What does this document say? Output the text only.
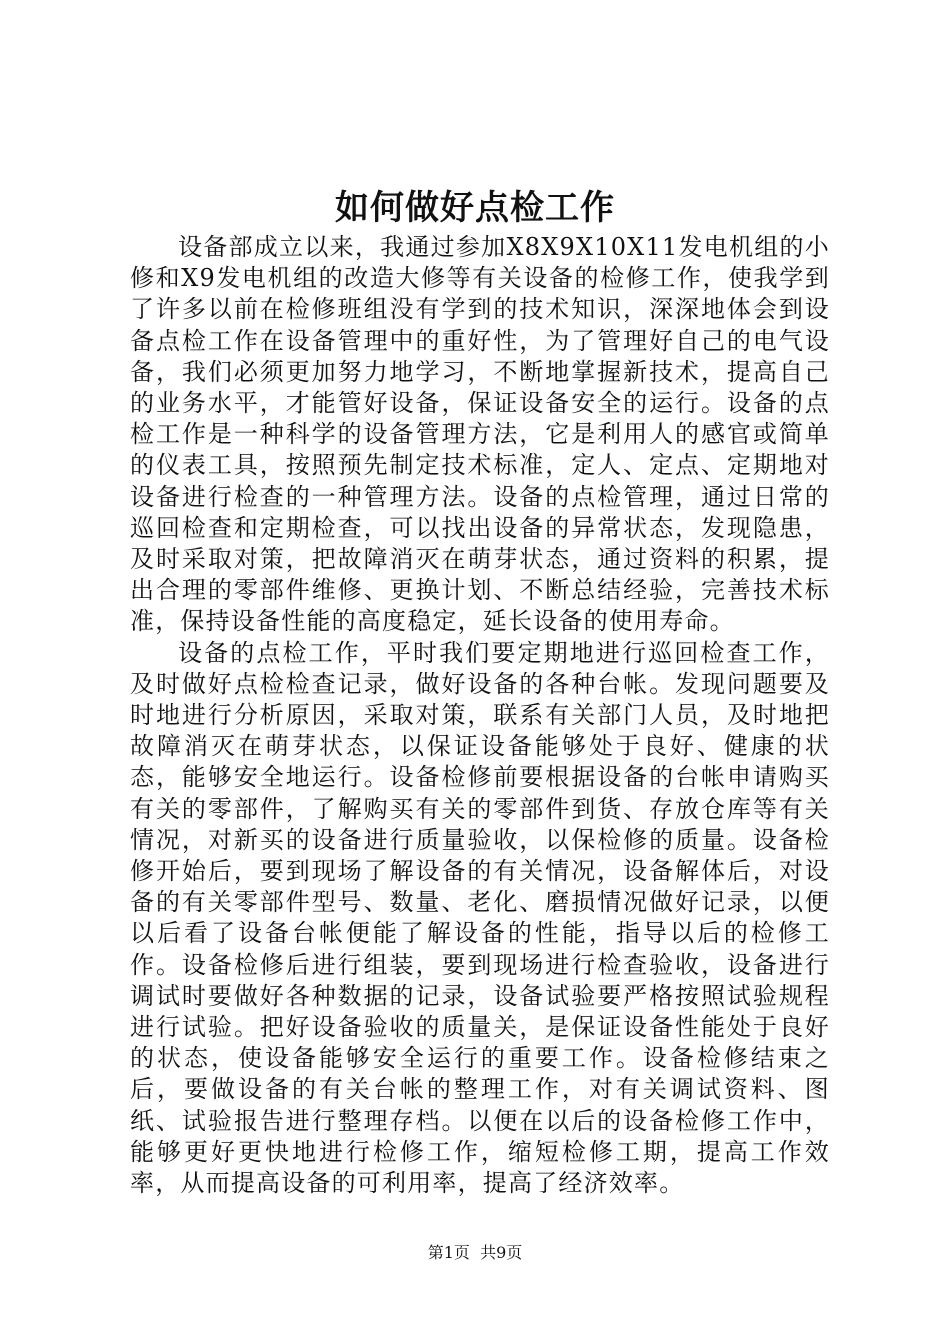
如何做好点检工作

设备部成立以来，我通过参加X8X9X10X11发电机组的小修和X9发电机组的改造大修等有关设备的检修工作，使我学到了许多以前在检修班组没有学到的技术知识，深深地体会到设备点检工作在设备管理中的重好性，为了管理好自己的电气设备，我们必须更加努力地学习，不断地掌握新技术，提高自己的业务水平，才能管好设备，保证设备安全的运行。设备的点检工作是一种科学的设备管理方法，它是利用人的感官或简单的仪表工具，按照预先制定技术标准，定人、定点、定期地对设备进行检查的一种管理方法。设备的点检管理，通过日常的巡回检查和定期检查，可以找出设备的异常状态，发现隐患，及时采取对策，把故障消灭在萌芽状态，通过资料的积累，提出合理的零部件维修、更换计划、不断总结经验，完善技术标准，保持设备性能的高度稳定，延长设备的使用寿命。

设备的点检工作，平时我们要定期地进行巡回检查工作，及时做好点检检查记录，做好设备的各种台帐。发现问题要及时地进行分析原因，采取对策，联系有关部门人员，及时地把故障消灭在萌芽状态，以保证设备能够处于良好、健康的状态，能够安全地运行。设备检修前要根据设备的台帐申请购买有关的零部件，了解购买有关的零部件到货、存放仓库等有关情况，对新买的设备进行质量验收，以保检修的质量。设备检修开始后，要到现场了解设备的有关情况，设备解体后，对设备的有关零部件型号、数量、老化、磨损情况做好记录，以便以后看了设备台帐便能了解设备的性能，指导以后的检修工作。设备检修后进行组装，要到现场进行检查验收，设备进行调试时要做好各种数据的记录，设备试验要严格按照试验规程进行试验。把好设备验收的质量关，是保证设备性能处于良好的状态，使设备能够安全运行的重要工作。设备检修结束之后，要做设备的有关台帐的整理工作，对有关调试资料、图纸、试验报告进行整理存档。以便在以后的设备检修工作中，能够更好更快地进行检修工作，缩短检修工期，提高工作效率，从而提高设备的可利用率，提高了经济效率。

第1页 共9页
